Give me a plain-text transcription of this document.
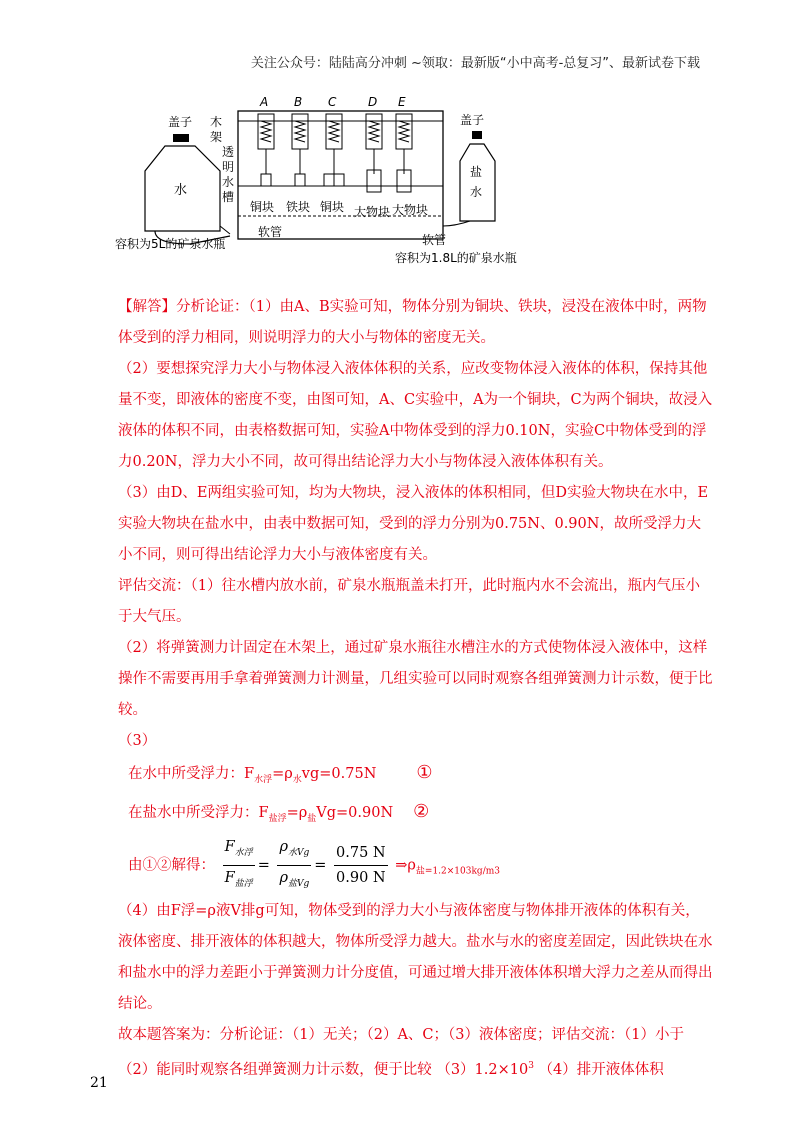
关注公众号：陆陆高分冲刺 ~领取：最新版“小中高考-总复习”、最新试卷下载
盖子
水
木
架
透
明
水
槽
A B C	D E
铜块 铁块 铜块 大物块 大物块
盖子
盐
水
软管
软管
容积为5L的矿泉水瓶
容积为1.8L的矿泉水瓶

【解答】分析论证：（1）由A、B实验可知，物体分别为铜块、铁块，浸没在液体中时，两物体受到的浮力相同，则说明浮力的大小与物体的密度无关。

（2）要想探究浮力大小与物体浸入液体体积的关系，应改变物体浸入液体的体积，保持其他量不变，即液体的密度不变，由图可知，A、C实验中，A为一个铜块，C为两个铜块，故浸入液体的体积不同，由表格数据可知，实验A中物体受到的浮力0.10N，实验C中物体受到的浮力0.20N，浮力大小不同，故可得出结论浮力大小与物体浸入液体体积有关。

（3）由D、E两组实验可知，均为大物块，浸入液体的体积相同，但D实验大物块在水中，E实验大物块在盐水中，由表中数据可知，受到的浮力分别为0.75N、0.90N，故所受浮力大小不同，则可得出结论浮力大小与液体密度有关。

评估交流：（1）往水槽内放水前，矿泉水瓶瓶盖未打开，此时瓶内水不会流出，瓶内气压小于大气压。

（2）将弹簧测力计固定在木架上，通过矿泉水瓶往水槽注水的方式使物体浸入液体中，这样操作不需要再用手拿着弹簧测力计测量，几组实验可以同时观察各组弹簧测力计示数，便于比较。

（3）

在水中所受浮力：$F_{水浮}=\rho_水vg=0.75N$ ①

在盐水中所受浮力：$F_{盐浮}=\rho_盐Vg=0.90N$ ②

由①②解得： $\frac{F_{水浮}}{F_{盐浮}} = \frac{\rho_{水Vg}}{\rho_{盐Vg}} = \frac{0.75 N}{0.90 N}$ $\Rightarrow\rho_{盐=1.2\times 103kg/m3}$

（4）由F浮=ρ液V排g可知，物体受到的浮力大小与液体密度与物体排开液体的体积有关，液体密度、排开液体的体积越大，物体所受浮力越大。盐水与水的密度差固定，因此铁块在水和盐水中的浮力差距小于弹簧测力计分度值，可通过增大排开液体体积增大浮力之差从而得出结论。

故本题答案为：分析论证：（1）无关；（2）A、C；（3）液体密度；评估交流：（1）小于

（2）能同时观察各组弹簧测力计示数，便于比较 $(3)1.2\times 10^3$ （4）排开液体体积

21
